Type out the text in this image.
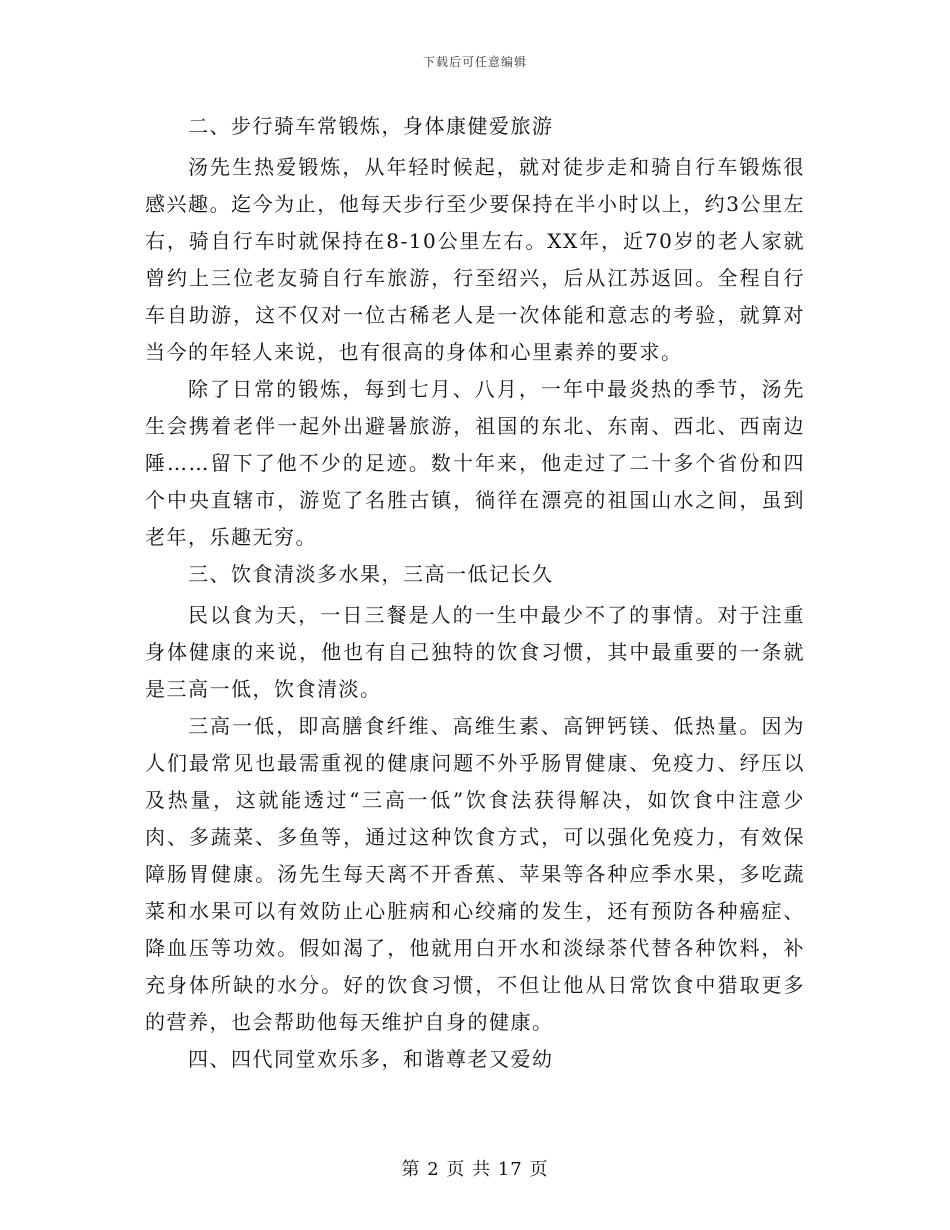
下载后可任意编辑

二、步行骑车常锻炼，身体康健爱旅游

汤先生热爱锻炼，从年轻时候起，就对徒步走和骑自行车锻炼很感兴趣。迄今为止，他每天步行至少要保持在半小时以上，约3公里左右，骑自行车时就保持在8-10公里左右。XX年，近70岁的老人家就曾约上三位老友骑自行车旅游，行至绍兴，后从江苏返回。全程自行车自助游，这不仅对一位古稀老人是一次体能和意志的考验，就算对当今的年轻人来说，也有很高的身体和心里素养的要求。

除了日常的锻炼，每到七月、八月，一年中最炎热的季节，汤先生会携着老伴一起外出避暑旅游，祖国的东北、东南、西北、西南边陲……留下了他不少的足迹。数十年来，他走过了二十多个省份和四个中央直辖市，游览了名胜古镇，徜徉在漂亮的祖国山水之间，虽到老年，乐趣无穷。

三、饮食清淡多水果，三高一低记长久

民以食为天，一日三餐是人的一生中最少不了的事情。对于注重身体健康的来说，他也有自己独特的饮食习惯，其中最重要的一条就是三高一低，饮食清淡。

三高一低，即高膳食纤维、高维生素、高钾钙镁、低热量。因为人们最常见也最需重视的健康问题不外乎肠胃健康、免疫力、纾压以及热量，这就能透过“三高一低”饮食法获得解决，如饮食中注意少肉、多蔬菜、多鱼等，通过这种饮食方式，可以强化免疫力，有效保障肠胃健康。汤先生每天离不开香蕉、苹果等各种应季水果，多吃蔬菜和水果可以有效防止心脏病和心绞痛的发生，还有预防各种癌症、降血压等功效。假如渴了，他就用白开水和淡绿茶代替各种饮料，补充身体所缺的水分。好的饮食习惯，不但让他从日常饮食中猎取更多的营养，也会帮助他每天维护自身的健康。

四、四代同堂欢乐多，和谐尊老又爱幼

第 2 页 共 17 页
